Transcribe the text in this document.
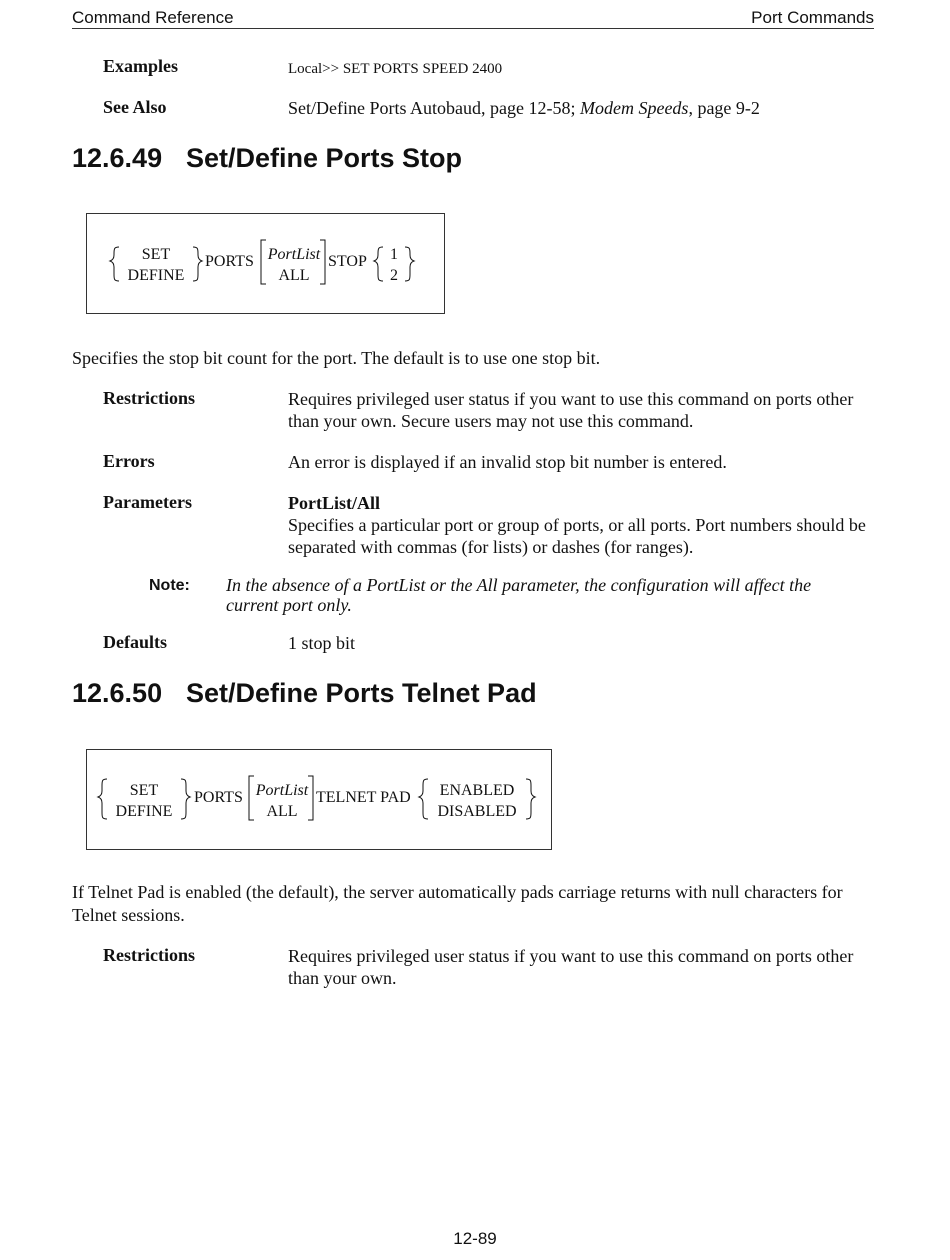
Command Reference	Port Commands
Examples	Local>> SET PORTS SPEED 2400
See Also	Set/Define Ports Autobaud, page 12-58; Modem Speeds, page 9-2
12.6.49 Set/Define Ports Stop
SET
DEFINE
PORTS PortList
ALL
STOP 1
2
Specifies the stop bit count for the port. The default is to use one stop bit.
Restrictions	Requires privileged user status if you want to use this command on ports other than your own. Secure users may not use this command.
Errors	An error is displayed if an invalid stop bit number is entered.
Parameters	PortList/All
Specifies a particular port or group of ports, or all ports. Port numbers should be separated with commas (for lists) or dashes (for ranges).
Note: In the absence of a PortList or the All parameter, the configuration will affect the current port only.
Defaults	1 stop bit
12.6.50 Set/Define Ports Telnet Pad
SET
DEFINE
PORTS PortList
ALL
TELNET PAD ENABLED
DISABLED
If Telnet Pad is enabled (the default), the server automatically pads carriage returns with null characters for Telnet sessions.
Restrictions	Requires privileged user status if you want to use this command on ports other than your own.
12-89
